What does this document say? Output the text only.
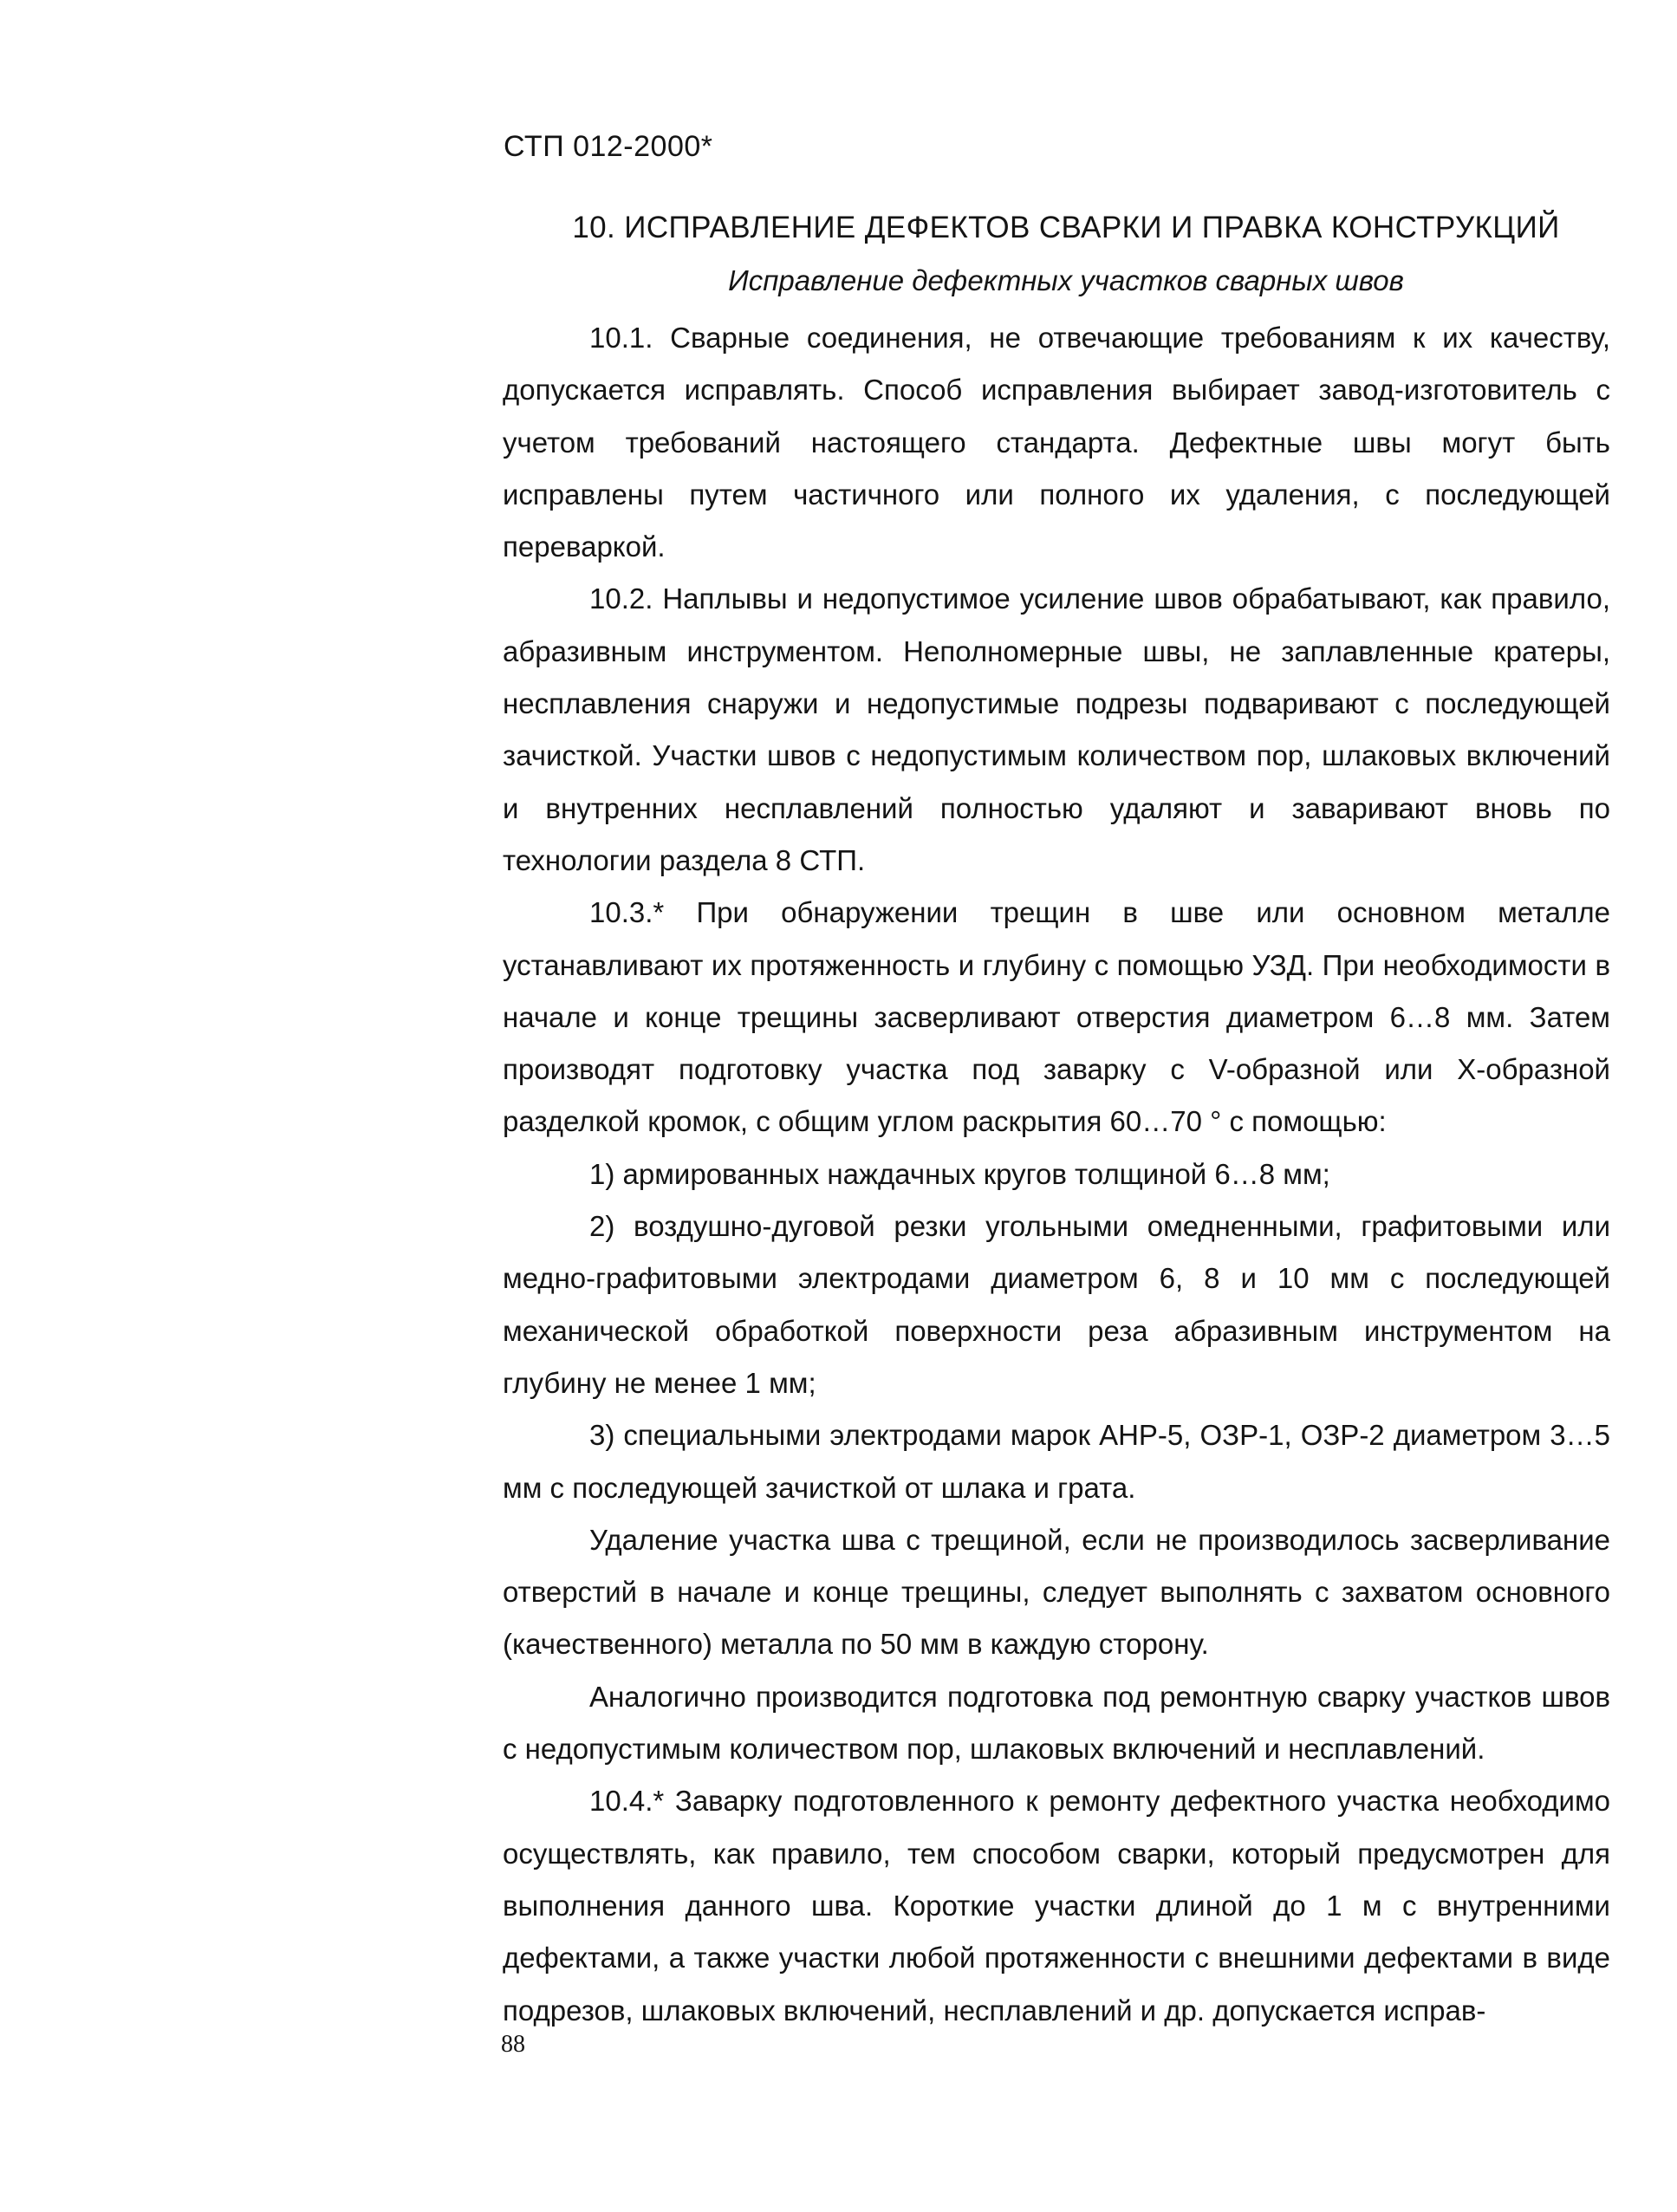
СТП 012-2000*
10. ИСПРАВЛЕНИЕ ДЕФЕКТОВ СВАРКИ И ПРАВКА КОНСТРУКЦИЙ
Исправление дефектных участков сварных швов

10.1. Сварные соединения, не отвечающие требованиям к их качеству, допускается исправлять. Способ исправления выбирает завод-изготовитель с учетом требований настоящего стандарта. Дефектные швы могут быть исправлены путем частичного или полного их удаления, с последующей переваркой.

10.2. Наплывы и недопустимое усиление швов обрабатывают, как правило, абразивным инструментом. Неполномерные швы, не заплавленные кратеры, несплавления снаружи и недопустимые подрезы подваривают с последующей зачисткой. Участки швов с недопустимым количеством пор, шлаковых включений и внутренних несплавлений полностью удаляют и заваривают вновь по технологии раздела 8 СТП.

10.3.* При обнаружении трещин в шве или основном металле устанавливают их протяженность и глубину с помощью УЗД. При необходимости в начале и конце трещины засверливают отверстия диаметром 6…8 мм. Затем производят подготовку участка под заварку с V-образной или Х-образной разделкой кромок, с общим углом раскрытия 60…70 ° с помощью:

1) армированных наждачных кругов толщиной 6…8 мм;

2) воздушно-дуговой резки угольными омедненными, графитовыми или медно-графитовыми электродами диаметром 6, 8 и 10 мм с последующей механической обработкой поверхности реза абразивным инструментом на глубину не менее 1 мм;

3) специальными электродами марок АНР-5, ОЗР-1, ОЗР-2 диаметром 3…5 мм с последующей зачисткой от шлака и грата.

Удаление участка шва с трещиной, если не производилось засверливание отверстий в начале и конце трещины, следует выполнять с захватом основного (качественного) металла по 50 мм в каждую сторону.

Аналогично производится подготовка под ремонтную сварку участков швов с недопустимым количеством пор, шлаковых включений и несплавлений.

10.4.* Заварку подготовленного к ремонту дефектного участка необходимо осуществлять, как правило, тем способом сварки, который предусмотрен для выполнения данного шва. Короткие участки длиной до 1 м с внутренними дефектами, а также участки любой протяженности с внешними дефектами в виде подрезов, шлаковых включений, несплавлений и др. допускается исправ-

88
